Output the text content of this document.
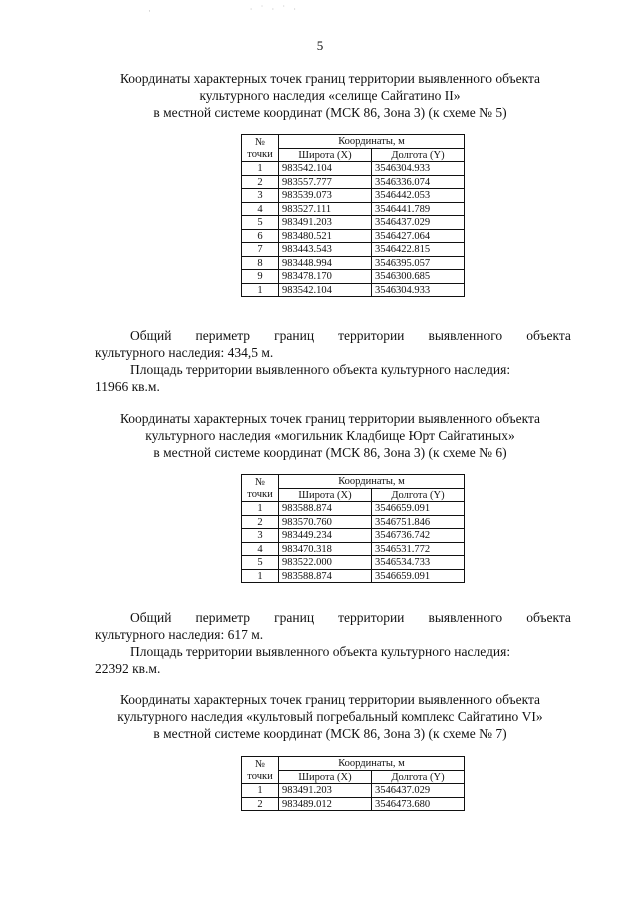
5
Координаты характерных точек границ территории выявленного объекта
культурного наследия «селище Сайгатино II»
в местной системе координат (МСК 86, Зона 3) (к схеме № 5)
№
точки	Координаты, м	
	Широта (X)	Долгота (Y)
1	983542.104	3546304.933
2	983557.777	3546336.074
3	983539.073	3546442.053
4	983527.111	3546441.789
5	983491.203	3546437.029
6	983480.521	3546427.064
7	983443.543	3546422.815
8	983448.994	3546395.057
9	983478.170	3546300.685
1	983542.104	3546304.933
Общий периметр границ территории выявленного объекта
культурного наследия: 434,5 м.
Площадь территории выявленного объекта культурного наследия:
11966 кв.м.
Координаты характерных точек границ территории выявленного объекта
культурного наследия «могильник Кладбище Юрт Сайгатиных»
в местной системе координат (МСК 86, Зона 3) (к схеме № 6)
№
точки	Координаты, м	
	Широта (X)	Долгота (Y)
1	983588.874	3546659.091
2	983570.760	3546751.846
3	983449.234	3546736.742
4	983470.318	3546531.772
5	983522.000	3546534.733
1	983588.874	3546659.091
Общий периметр границ территории выявленного объекта
культурного наследия: 617 м.
Площадь территории выявленного объекта культурного наследия:
22392 кв.м.
Координаты характерных точек границ территории выявленного объекта
культурного наследия «культовый погребальный комплекс Сайгатино VI»
в местной системе координат (МСК 86, Зона 3) (к схеме № 7)
№
точки	Координаты, м	
	Широта (X)	Долгота (Y)
1	983491.203	3546437.029
2	983489.012	3546473.680
·	∙ ˙ ∙ ˙ ∙
